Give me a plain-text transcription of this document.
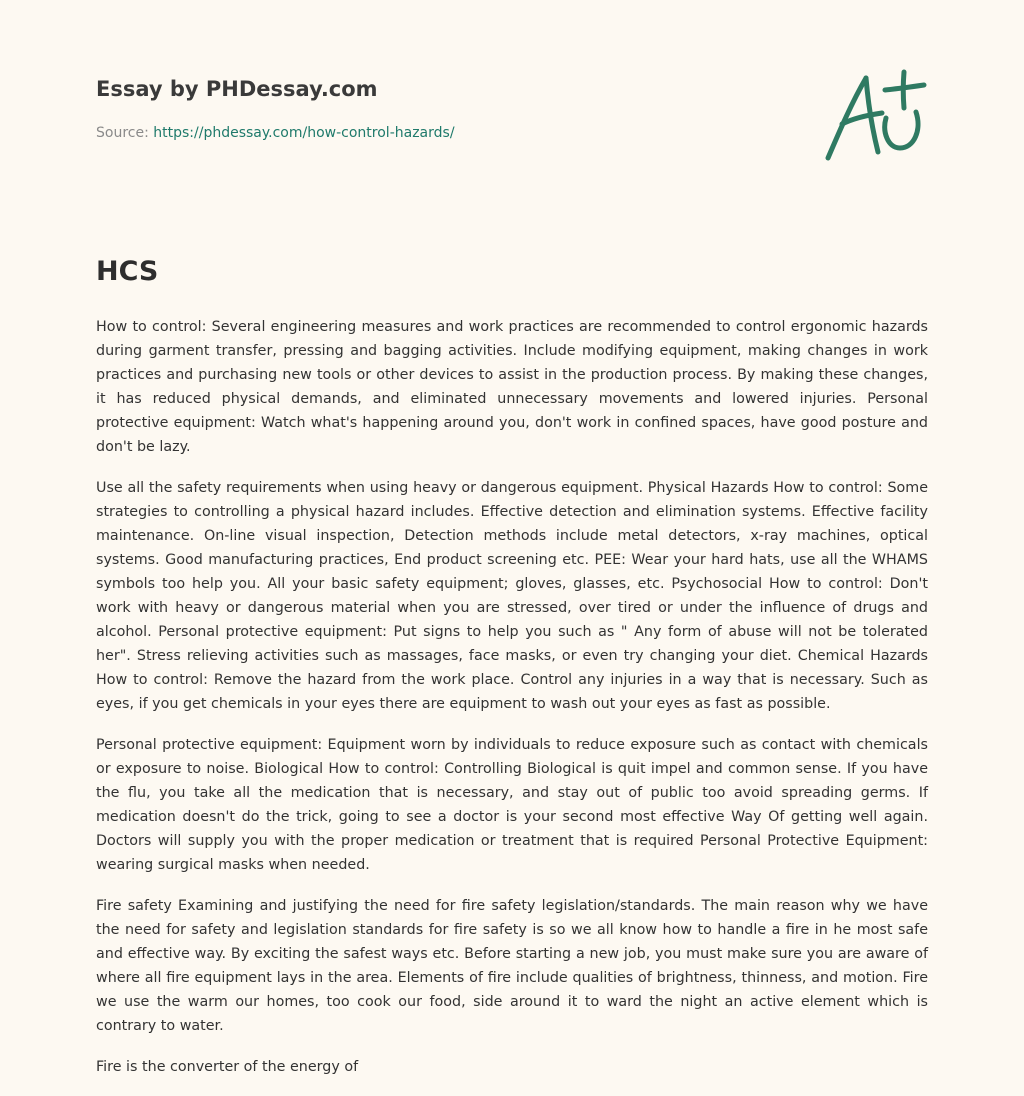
Essay by PHDessay.com
Source: https://phdessay.com/how-control-hazards/
HCS

How to control: Several engineering measures and work practices are recommended to control ergonomic hazards during garment transfer, pressing and bagging activities. Include modifying equipment, making changes in work practices and purchasing new tools or other devices to assist in the production process. By making these changes, it has reduced physical demands, and eliminated unnecessary movements and lowered injuries. Personal protective equipment: Watch what's happening around you, don't work in confined spaces, have good posture and don't be lazy.

Use all the safety requirements when using heavy or dangerous equipment. Physical Hazards How to control: Some strategies to controlling a physical hazard includes. Effective detection and elimination systems. Effective facility maintenance. On-line visual inspection, Detection methods include metal detectors, x-ray machines, optical systems. Good manufacturing practices, End product screening etc. PEE: Wear your hard hats, use all the WHAMS symbols too help you. All your basic safety equipment; gloves, glasses, etc. Psychosocial How to control: Don't work with heavy or dangerous material when you are stressed, over tired or under the influence of drugs and alcohol. Personal protective equipment: Put signs to help you such as " Any form of abuse will not be tolerated her". Stress relieving activities such as massages, face masks, or even try changing your diet. Chemical Hazards How to control: Remove the hazard from the work place. Control any injuries in a way that is necessary. Such as eyes, if you get chemicals in your eyes there are equipment to wash out your eyes as fast as possible.

Personal protective equipment: Equipment worn by individuals to reduce exposure such as contact with chemicals or exposure to noise. Biological How to control: Controlling Biological is quit impel and common sense. If you have the flu, you take all the medication that is necessary, and stay out of public too avoid spreading germs. If medication doesn't do the trick, going to see a doctor is your second most effective Way Of getting well again. Doctors will supply you with the proper medication or treatment that is required Personal Protective Equipment: wearing surgical masks when needed.

Fire safety Examining and justifying the need for fire safety legislation/standards. The main reason why we have the need for safety and legislation standards for fire safety is so we all know how to handle a fire in he most safe and effective way. By exciting the safest ways etc. Before starting a new job, you must make sure you are aware of where all fire equipment lays in the area. Elements of fire include qualities of brightness, thinness, and motion. Fire we use the warm our homes, too cook our food, side around it to ward the night an active element which is contrary to water.

Fire is the converter of the energy of
